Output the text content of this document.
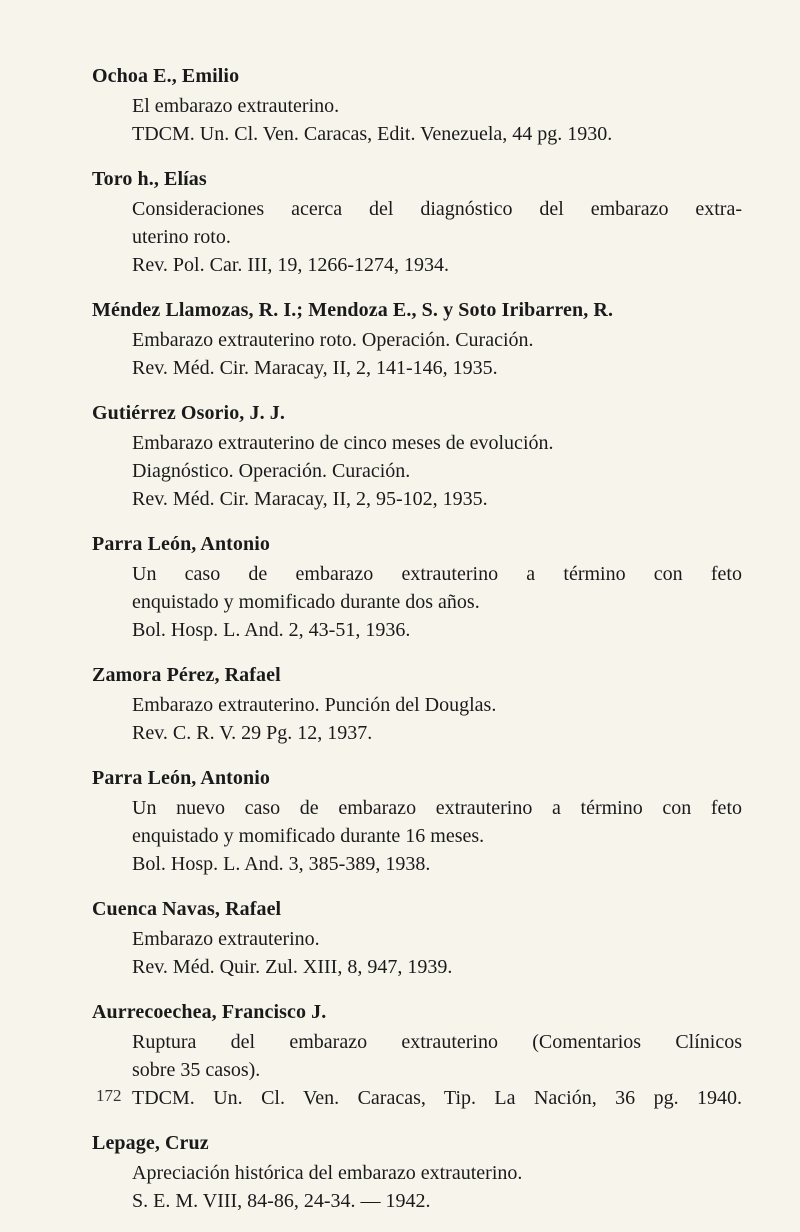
Ochoa E., Emilio
El embarazo extrauterino.
TDCM. Un. Cl. Ven. Caracas, Edit. Venezuela, 44 pg. 1930.
Toro h., Elías
Consideraciones acerca del diagnóstico del embarazo extra-
uterino roto.
Rev. Pol. Car. III, 19, 1266-1274, 1934.
Méndez Llamozas, R. I.; Mendoza E., S. y Soto Iribarren, R.
Embarazo extrauterino roto. Operación. Curación.
Rev. Méd. Cir. Maracay, II, 2, 141-146, 1935.
Gutiérrez Osorio, J. J.
Embarazo extrauterino de cinco meses de evolución.
Diagnóstico. Operación. Curación.
Rev. Méd. Cir. Maracay, II, 2, 95-102, 1935.
Parra León, Antonio
Un caso de embarazo extrauterino a término con feto
enquistado y momificado durante dos años.
Bol. Hosp. L. And. 2, 43-51, 1936.
Zamora Pérez, Rafael
Embarazo extrauterino. Punción del Douglas.
Rev. C. R. V. 29 Pg. 12, 1937.
Parra León, Antonio
Un nuevo caso de embarazo extrauterino a término con feto
enquistado y momificado durante 16 meses.
Bol. Hosp. L. And. 3, 385-389, 1938.
Cuenca Navas, Rafael
Embarazo extrauterino.
Rev. Méd. Quir. Zul. XIII, 8, 947, 1939.
Aurrecoechea, Francisco J.
Ruptura del embarazo extrauterino (Comentarios Clínicos
sobre 35 casos).
TDCM. Un. Cl. Ven. Caracas, Tip. La Nación, 36 pg. 1940.
Lepage, Cruz
Apreciación histórica del embarazo extrauterino.
S. E. M. VIII, 84-86, 24-34. — 1942.
172
